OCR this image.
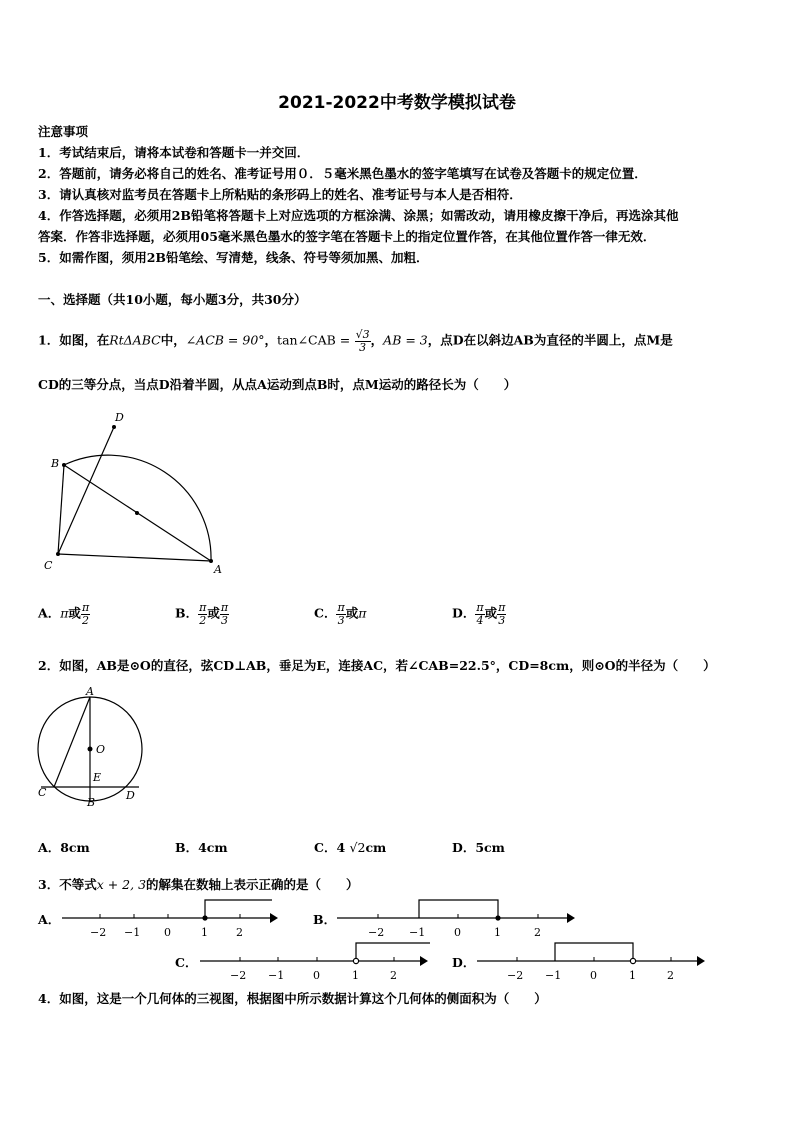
2021-2022中考数学模拟试卷
注意事项
1．考试结束后，请将本试卷和答题卡一并交回．
2．答题前，请务必将自己的姓名、准考证号用０．５毫米黑色墨水的签字笔填写在试卷及答题卡的规定位置．
3．请认真核对监考员在答题卡上所粘贴的条形码上的姓名、准考证号与本人是否相符．
4．作答选择题，必须用2B铅笔将答题卡上对应选项的方框涂满、涂黑；如需改动，请用橡皮擦干净后，再选涂其他
答案．作答非选择题，必须用05毫米黑色墨水的签字笔在答题卡上的指定位置作答，在其他位置作答一律无效．
5．如需作图，须用2B铅笔绘、写清楚，线条、符号等须加黑、加粗．
一、选择题（共10小题，每小题3分，共30分）
1．如图，在RtΔABC中，∠ACB = 90°，tan∠CAB = $\frac{√3}{3}$ ，AB = 3，点D在以斜边AB为直径的半圆上，点M是
CD的三等分点，当点D沿着半圆，从点A运动到点B时，点M运动的路径长为（　　）
D
B
C	A
A．π或 $\frac{\pi}{2}$	B． $\frac{\pi}{2}$ 或 $\frac{\pi}{3}$	C． $\frac{\pi}{3}$ 或π	D． $\frac{\pi}{4}$ 或 $\frac{\pi}{3}$
2．如图，AB是⊙O的直径，弦CD⊥AB，垂足为E，连接AC，若∠CAB=22.5°，CD=8cm，则⊙O的半径为（　　）
A
O
E
C
B
D
A．8cm	B．4cm	C．4 √2cm	D．5cm
3．不等式x + 2, 3的解集在数轴上表示正确的是（　　）
A．
−2 −1 0	1	2
B．
−2 −1	0	1	2
C．
−2 −1	0	1	2
D．
−2 −1	0	1	2
4．如图，这是一个几何体的三视图，根据图中所示数据计算这个几何体的侧面积为（　　）
